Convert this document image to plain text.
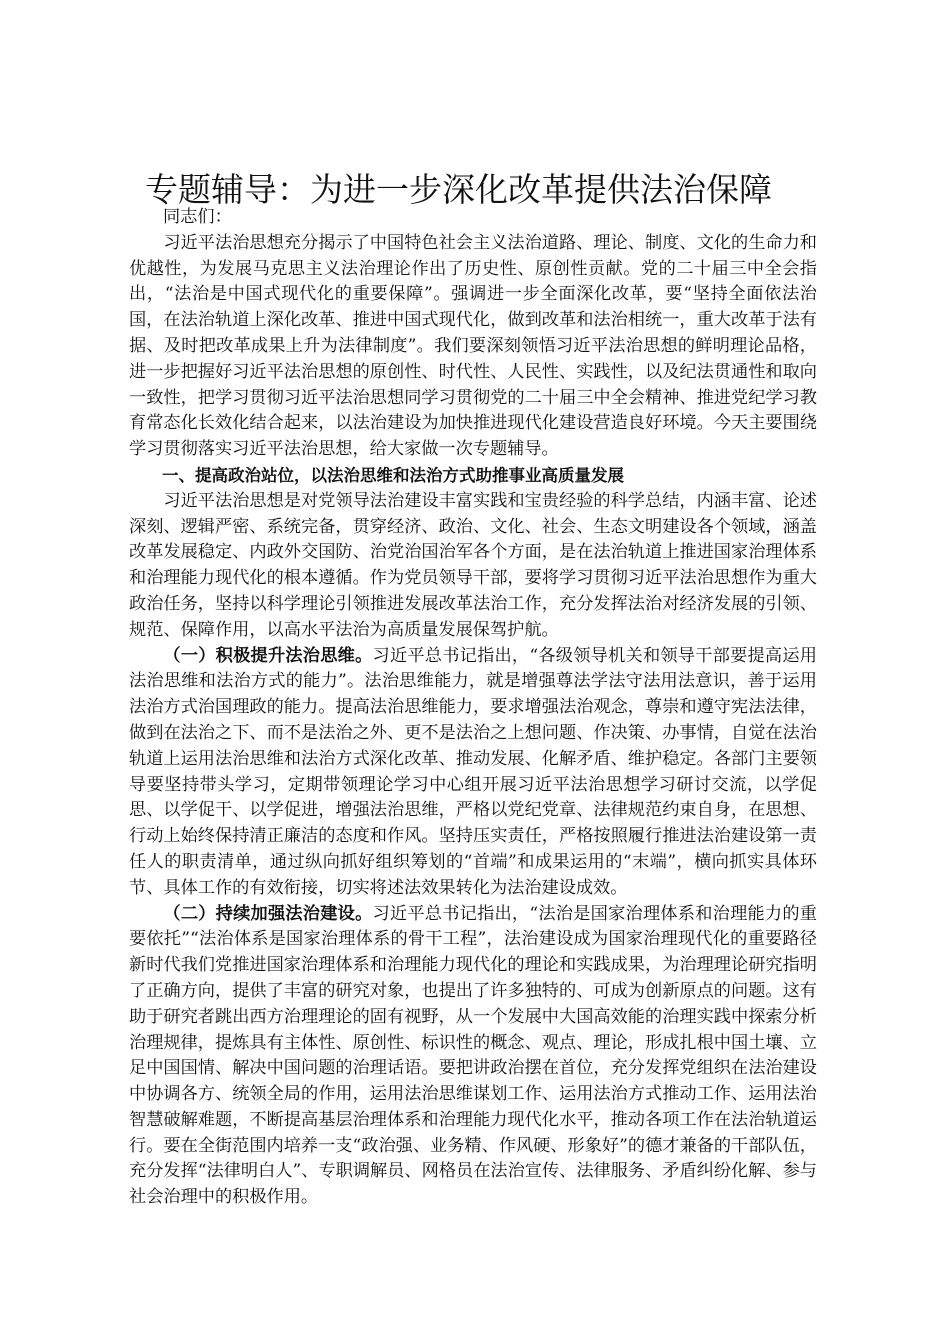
专题辅导：为进一步深化改革提供法治保障

同志们：

习近平法治思想充分揭示了中国特色社会主义法治道路、理论、制度、文化的生命力和优越性，为发展马克思主义法治理论作出了历史性、原创性贡献。党的二十届三中全会指出，“法治是中国式现代化的重要保障”。强调进一步全面深化改革，要“坚持全面依法治国，在法治轨道上深化改革、推进中国式现代化，做到改革和法治相统一，重大改革于法有据、及时把改革成果上升为法律制度”。我们要深刻领悟习近平法治思想的鲜明理论品格，进一步把握好习近平法治思想的原创性、时代性、人民性、实践性，以及纪法贯通性和取向一致性，把学习贯彻习近平法治思想同学习贯彻党的二十届三中全会精神、推进党纪学习教育常态化长效化结合起来，以法治建设为加快推进现代化建设营造良好环境。今天主要围绕学习贯彻落实习近平法治思想，给大家做一次专题辅导。

一、提高政治站位，以法治思维和法治方式助推事业高质量发展

习近平法治思想是对党领导法治建设丰富实践和宝贵经验的科学总结，内涵丰富、论述深刻、逻辑严密、系统完备，贯穿经济、政治、文化、社会、生态文明建设各个领域，涵盖改革发展稳定、内政外交国防、治党治国治军各个方面，是在法治轨道上推进国家治理体系和治理能力现代化的根本遵循。作为党员领导干部，要将学习贯彻习近平法治思想作为重大政治任务，坚持以科学理论引领推进发展改革法治工作，充分发挥法治对经济发展的引领、规范、保障作用，以高水平法治为高质量发展保驾护航。

（一）积极提升法治思维。习近平总书记指出，“各级领导机关和领导干部要提高运用法治思维和法治方式的能力”。法治思维能力，就是增强尊法学法守法用法意识，善于运用法治方式治国理政的能力。提高法治思维能力，要求增强法治观念，尊崇和遵守宪法法律，做到在法治之下、而不是法治之外、更不是法治之上想问题、作决策、办事情，自觉在法治轨道上运用法治思维和法治方式深化改革、推动发展、化解矛盾、维护稳定。各部门主要领导要坚持带头学习，定期带领理论学习中心组开展习近平法治思想学习研讨交流，以学促思、以学促干、以学促进，增强法治思维，严格以党纪党章、法律规范约束自身，在思想、行动上始终保持清正廉洁的态度和作风。坚持压实责任，严格按照履行推进法治建设第一责任人的职责清单，通过纵向抓好组织筹划的“首端”和成果运用的“末端”，横向抓实具体环节、具体工作的有效衔接，切实将述法效果转化为法治建设成效。

（二）持续加强法治建设。习近平总书记指出，“法治是国家治理体系和治理能力的重要依托”“法治体系是国家治理体系的骨干工程”，法治建设成为国家治理现代化的重要路径新时代我们党推进国家治理体系和治理能力现代化的理论和实践成果，为治理理论研究指明了正确方向，提供了丰富的研究对象，也提出了许多独特的、可成为创新原点的问题。这有助于研究者跳出西方治理理论的固有视野，从一个发展中大国高效能的治理实践中探索分析治理规律，提炼具有主体性、原创性、标识性的概念、观点、理论，形成扎根中国土壤、立足中国国情、解决中国问题的治理话语。要把讲政治摆在首位，充分发挥党组织在法治建设中协调各方、统领全局的作用，运用法治思维谋划工作、运用法治方式推动工作、运用法治智慧破解难题，不断提高基层治理体系和治理能力现代化水平，推动各项工作在法治轨道运行。要在全街范围内培养一支“政治强、业务精、作风硬、形象好”的德才兼备的干部队伍，充分发挥“法律明白人”、专职调解员、网格员在法治宣传、法律服务、矛盾纠纷化解、参与社会治理中的积极作用。
